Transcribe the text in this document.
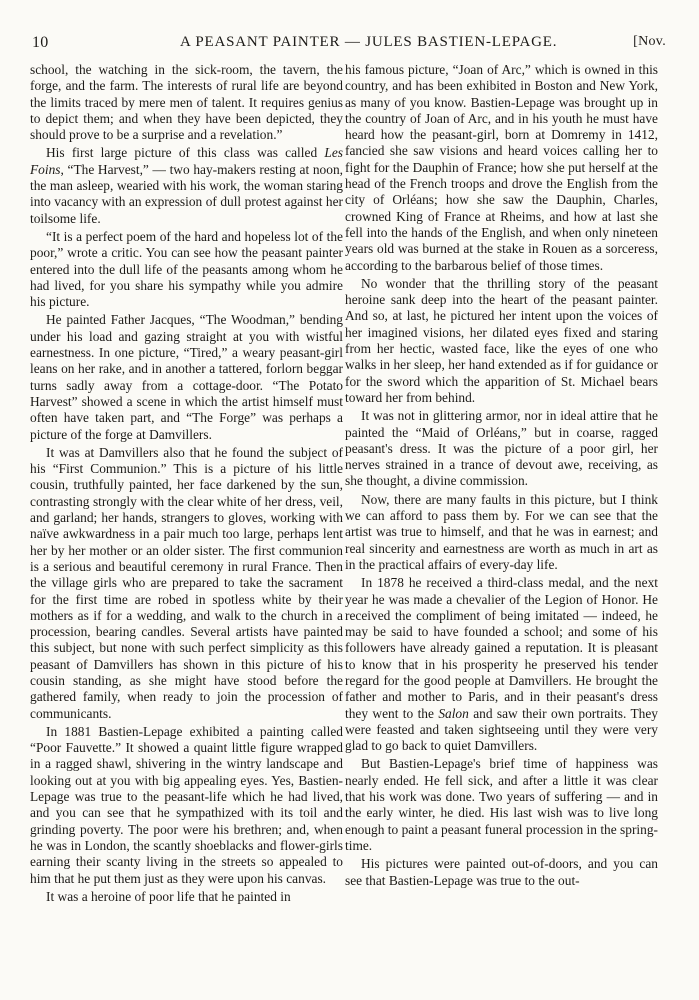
10	A PEASANT PAINTER — JULES BASTIEN-LEPAGE.	[Nov.

school, the watching in the sick-room, the tavern, the forge, and the farm. The interests of rural life are beyond the limits traced by mere men of talent. It requires genius to depict them; and when they have been depicted, they should prove to be a surprise and a revelation.”

His first large picture of this class was called Les Foins, “The Harvest,” — two hay-makers resting at noon, the man asleep, wearied with his work, the woman staring into vacancy with an expression of dull protest against her toilsome life.

“It is a perfect poem of the hard and hopeless lot of the poor,” wrote a critic. You can see how the peasant painter entered into the dull life of the peasants among whom he had lived, for you share his sympathy while you admire his picture.

He painted Father Jacques, “The Woodman,” bending under his load and gazing straight at you with wistful earnestness. In one picture, “Tired,” a weary peasant-girl leans on her rake, and in another a tattered, forlorn beggar turns sadly away from a cottage-door. “The Potato Harvest” showed a scene in which the artist himself must often have taken part, and “The Forge” was perhaps a picture of the forge at Damvillers.

It was at Damvillers also that he found the subject of his “First Communion.” This is a picture of his little cousin, truthfully painted, her face darkened by the sun, contrasting strongly with the clear white of her dress, veil, and garland; her hands, strangers to gloves, working with naïve awkwardness in a pair much too large, perhaps lent her by her mother or an older sister. The first communion is a serious and beautiful ceremony in rural France. Then the village girls who are prepared to take the sacrament for the first time are robed in spotless white by their mothers as if for a wedding, and walk to the church in a procession, bearing candles. Several artists have painted this subject, but none with such perfect simplicity as this peasant of Damvillers has shown in this picture of his cousin standing, as she might have stood before the gathered family, when ready to join the procession of communicants.

In 1881 Bastien-Lepage exhibited a painting called “Poor Fauvette.” It showed a quaint little figure wrapped in a ragged shawl, shivering in the wintry landscape and looking out at you with big appealing eyes. Yes, Bastien-Lepage was true to the peasant-life which he had lived, and you can see that he sympathized with its toil and grinding poverty. The poor were his brethren; and, when he was in London, the scantly shoeblacks and flower-girls earning their scanty living in the streets so appealed to him that he put them just as they were upon his canvas.

It was a heroine of poor life that he painted in

his famous picture, “Joan of Arc,” which is owned in this country, and has been exhibited in Boston and New York, as many of you know. Bastien-Lepage was brought up in the country of Joan of Arc, and in his youth he must have heard how the peasant-girl, born at Domremy in 1412, fancied she saw visions and heard voices calling her to fight for the Dauphin of France; how she put herself at the head of the French troops and drove the English from the city of Orléans; how she saw the Dauphin, Charles, crowned King of France at Rheims, and how at last she fell into the hands of the English, and when only nineteen years old was burned at the stake in Rouen as a sorceress, according to the barbarous belief of those times.

No wonder that the thrilling story of the peasant heroine sank deep into the heart of the peasant painter. And so, at last, he pictured her intent upon the voices of her imagined visions, her dilated eyes fixed and staring from her hectic, wasted face, like the eyes of one who walks in her sleep, her hand extended as if for guidance or for the sword which the apparition of St. Michael bears toward her from behind.

It was not in glittering armor, nor in ideal attire that he painted the “Maid of Orléans,” but in coarse, ragged peasant's dress. It was the picture of a poor girl, her nerves strained in a trance of devout awe, receiving, as she thought, a divine commission.

Now, there are many faults in this picture, but I think we can afford to pass them by. For we can see that the artist was true to himself, and that he was in earnest; and real sincerity and earnestness are worth as much in art as in the practical affairs of every-day life.

In 1878 he received a third-class medal, and the next year he was made a chevalier of the Legion of Honor. He received the compliment of being imitated — indeed, he may be said to have founded a school; and some of his followers have already gained a reputation. It is pleasant to know that in his prosperity he preserved his tender regard for the good people at Damvillers. He brought the father and mother to Paris, and in their peasant's dress they went to the Salon and saw their own portraits. They were feasted and taken sightseeing until they were very glad to go back to quiet Damvillers.

But Bastien-Lepage's brief time of happiness was nearly ended. He fell sick, and after a little it was clear that his work was done. Two years of suffering — and in the early winter, he died. His last wish was to live long enough to paint a peasant funeral procession in the spring-time.

His pictures were painted out-of-doors, and you can see that Bastien-Lepage was true to the out-
